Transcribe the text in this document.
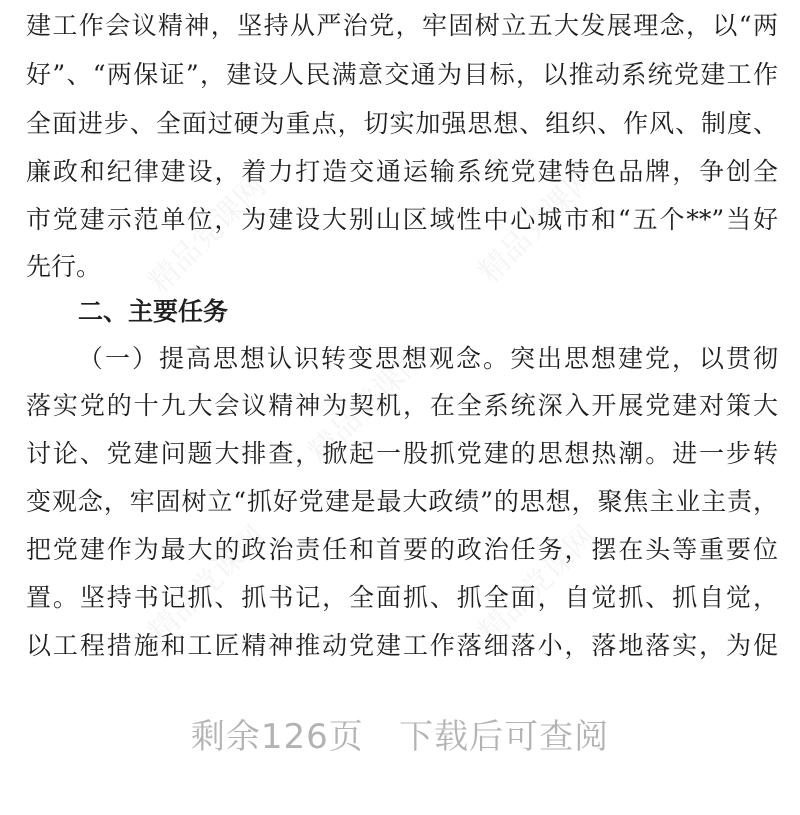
精品党课网	精品党课网
精品党课网
精品党课网	精品党课网
建工作会议精神，坚持从严治党，牢固树立五大发展理念，以“两
好”、“两保证”，建设人民满意交通为目标，以推动系统党建工作
全面进步、全面过硬为重点，切实加强思想、组织、作风、制度、
廉政和纪律建设，着力打造交通运输系统党建特色品牌，争创全
市党建示范单位，为建设大别山区域性中心城市和“五个**”当好
先行。
二、主要任务
（一）提高思想认识转变思想观念。突出思想建党，以贯彻
落实党的十九大会议精神为契机，在全系统深入开展党建对策大
讨论、党建问题大排查，掀起一股抓党建的思想热潮。进一步转
变观念，牢固树立“抓好党建是最大政绩”的思想，聚焦主业主责，
把党建作为最大的政治责任和首要的政治任务，摆在头等重要位
置。坚持书记抓、抓书记，全面抓、抓全面，自觉抓、抓自觉，
以工程措施和工匠精神推动党建工作落细落小，落地落实，为促
剩余126页   下载后可查阅
